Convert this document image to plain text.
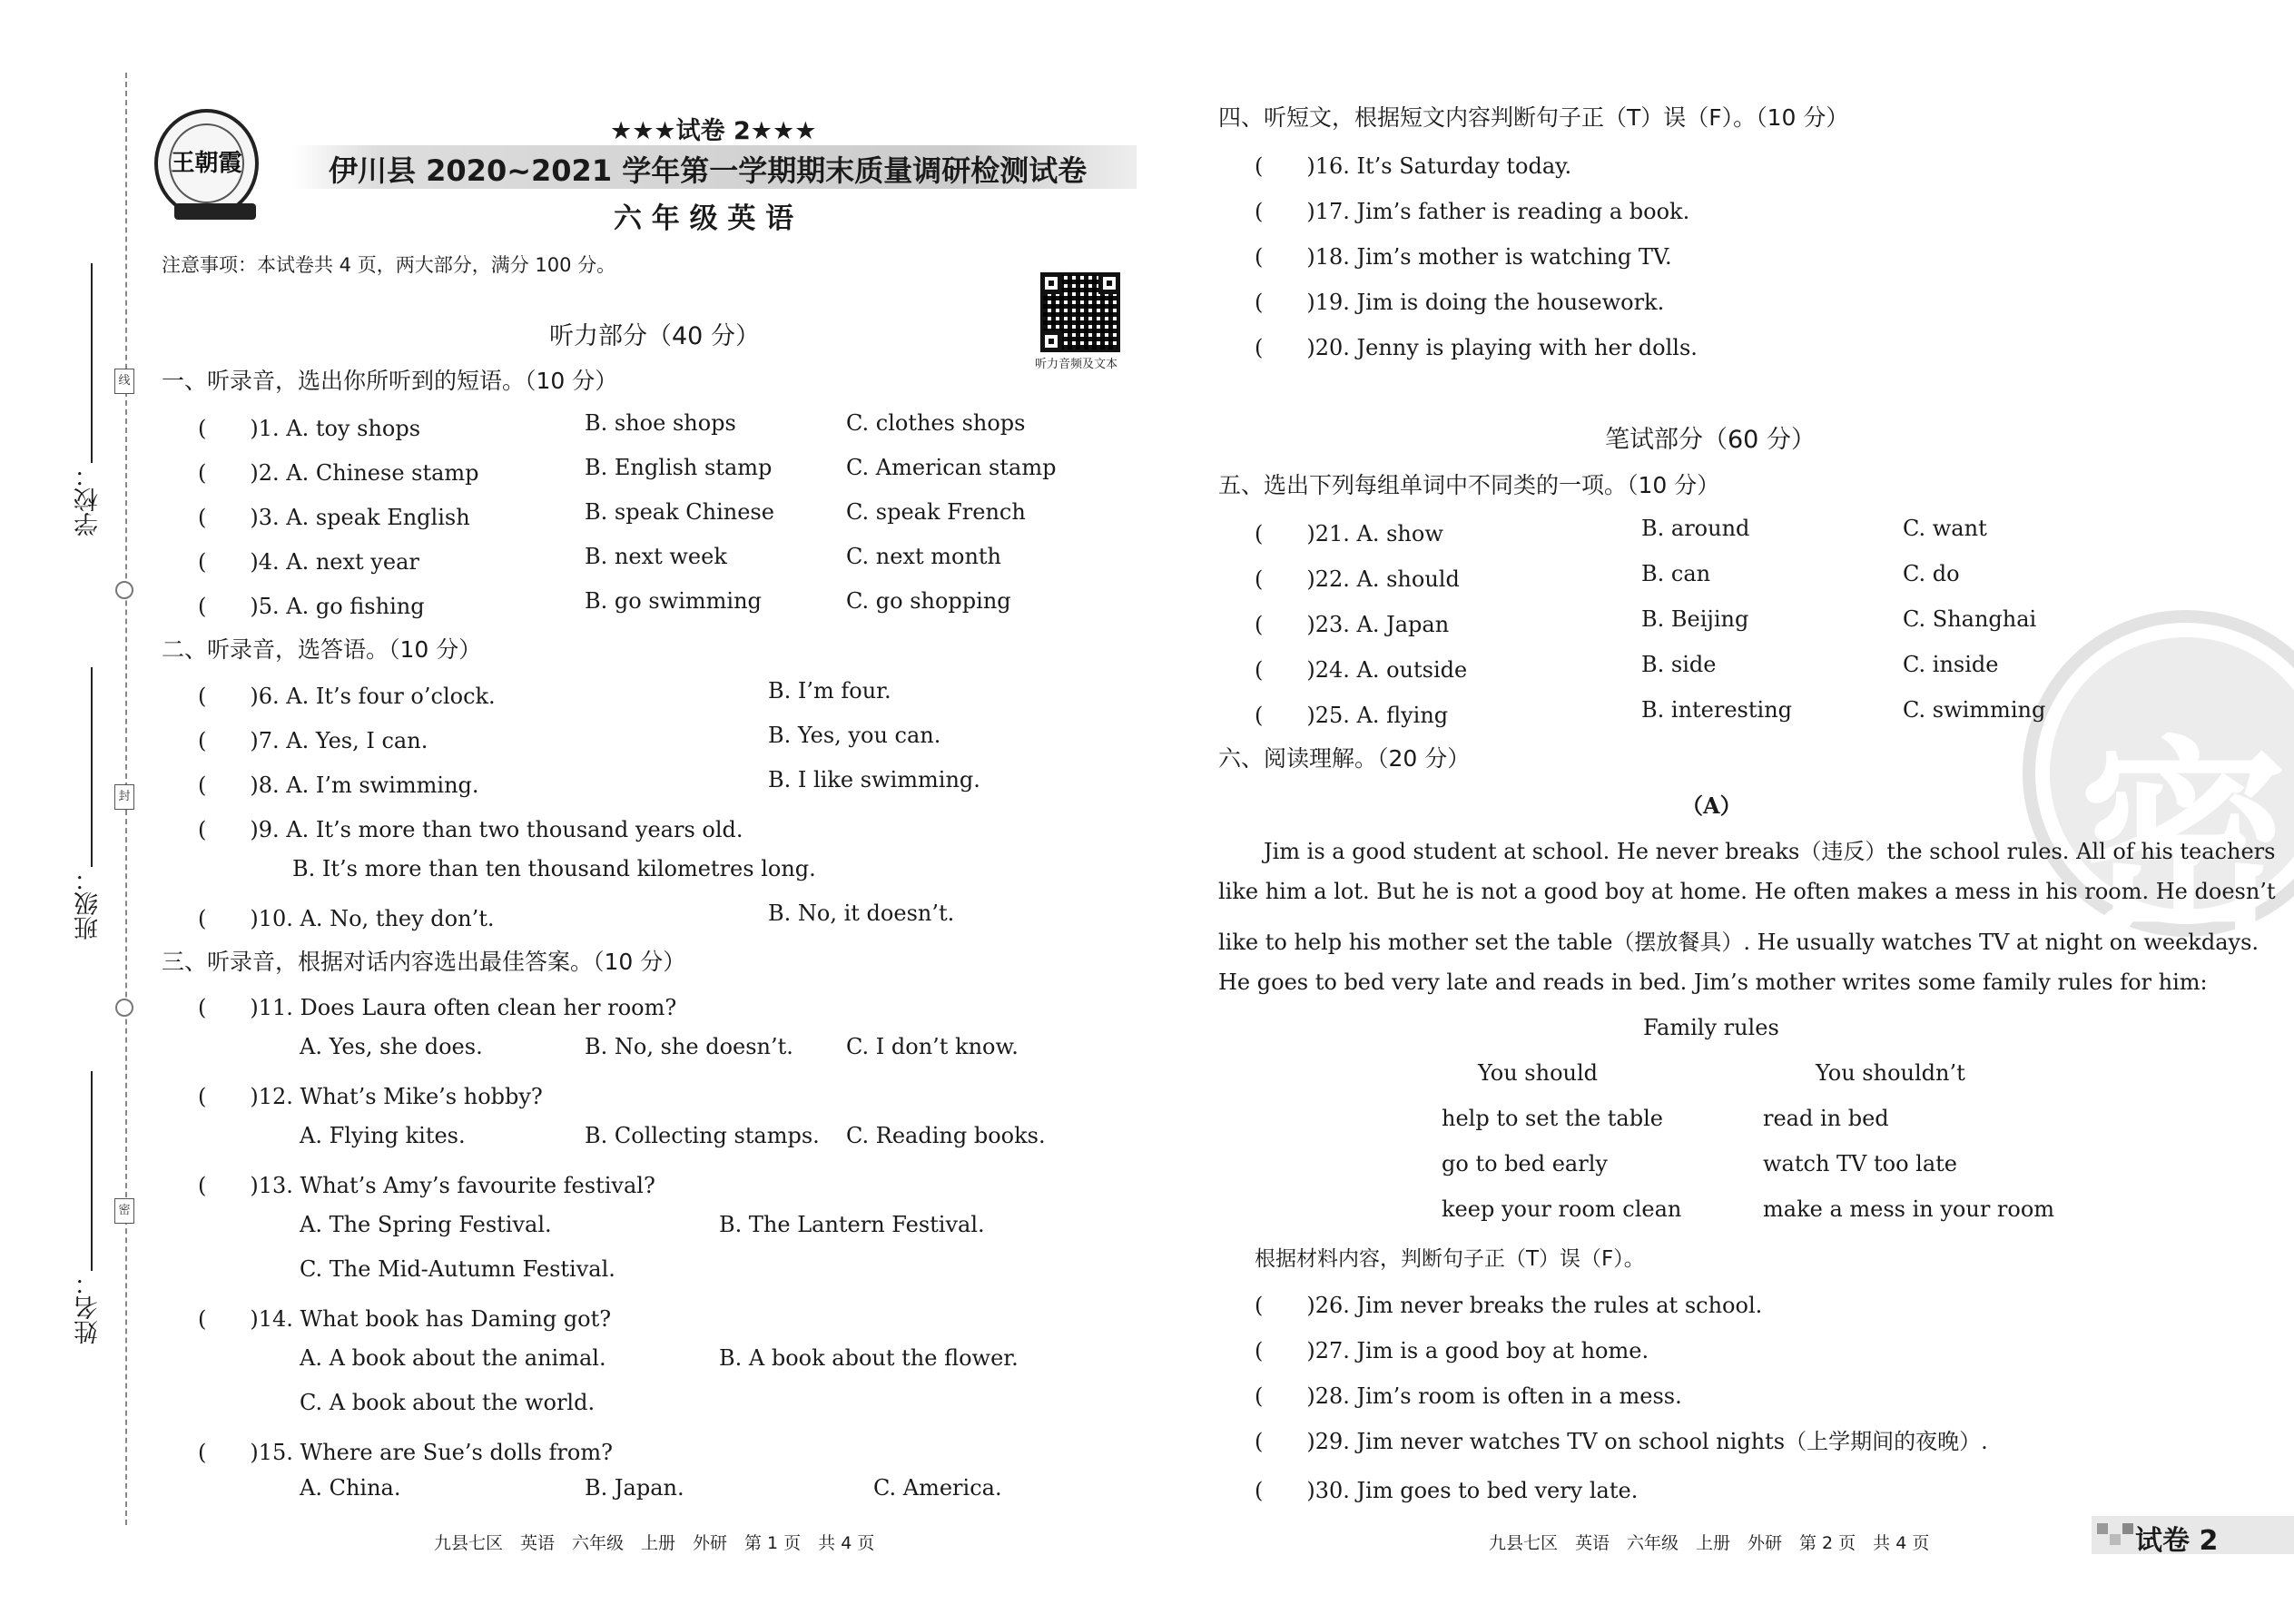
学校：
班级：
姓名：
线
封
密
王朝霞
★★★试卷 2★★★
伊川县 2020~2021 学年第一学期期末质量调研检测试卷
六 年 级 英 语
注意事项：本试卷共 4 页，两大部分，满分 100 分。
听力音频及文本
听力部分（40 分）
一、听录音，选出你所听到的短语。（10 分）
(　　)1. A. toy shops	B. shoe shops	C. clothes shops
(　　)2. A. Chinese stamp	B. English stamp	C. American stamp
(　　)3. A. speak English	B. speak Chinese	C. speak French
(　　)4. A. next year	B. next week	C. next month
(　　)5. A. go fishing	B. go swimming	C. go shopping
二、听录音，选答语。（10 分）
(　　)6. A. It’s four o’clock.	B. I’m four.
(　　)7. A. Yes, I can.	B. Yes, you can.
(　　)8. A. I’m swimming.	B. I like swimming.
(　　)9. A. It’s more than two thousand years old.
B. It’s more than ten thousand kilometres long.
(　　)10. A. No, they don’t.	B. No, it doesn’t.
三、听录音，根据对话内容选出最佳答案。（10 分）
(　　)11. Does Laura often clean her room?
A. Yes, she does.	B. No, she doesn’t. C. I don’t know.
(　　)12. What’s Mike’s hobby?
A. Flying kites.	B. Collecting stamps. C. Reading books.
(　　)13. What’s Amy’s favourite festival?
A. The Spring Festival.	B. The Lantern Festival.
C. The Mid-Autumn Festival.
(　　)14. What book has Daming got?
A. A book about the animal.	B. A book about the flower.
C. A book about the world.
(　　)15. Where are Sue’s dolls from?
A. China.	B. Japan.	C. America.
九县七区　英语　六年级　上册　外研　第 1 页　共 4 页
密
四、听短文，根据短文内容判断句子正（T）误（F）。（10 分）
(　　)16. It’s Saturday today.
(　　)17. Jim’s father is reading a book.
(　　)18. Jim’s mother is watching TV.
(　　)19. Jim is doing the housework.
(　　)20. Jenny is playing with her dolls.
笔试部分（60 分）
五、选出下列每组单词中不同类的一项。（10 分）
(　　)21. A. show	B. around	C. want
(　　)22. A. should	B. can	C. do
(　　)23. A. Japan	B. Beijing	C. Shanghai
(　　)24. A. outside	B. side	C. inside
(　　)25. A. flying	B. interesting	C. swimming
六、阅读理解。（20 分）
（A）
Jim is a good student at school. He never breaks（违反）the school rules. All of his teachers
like him a lot. But he is not a good boy at home. He often makes a mess in his room. He doesn’t
like to help his mother set the table（摆放餐具）. He usually watches TV at night on weekdays.
He goes to bed very late and reads in bed. Jim’s mother writes some family rules for him:
Family rules
You should	You shouldn’t
help to set the table	read in bed
go to bed early	watch TV too late
keep your room clean	make a mess in your room
根据材料内容，判断句子正（T）误（F）。
(　　)26. Jim never breaks the rules at school.
(　　)27. Jim is a good boy at home.
(　　)28. Jim’s room is often in a mess.
(　　)29. Jim never watches TV on school nights（上学期间的夜晚）.
(　　)30. Jim goes to bed very late.
九县七区　英语　六年级　上册　外研　第 2 页　共 4 页	试卷 2
